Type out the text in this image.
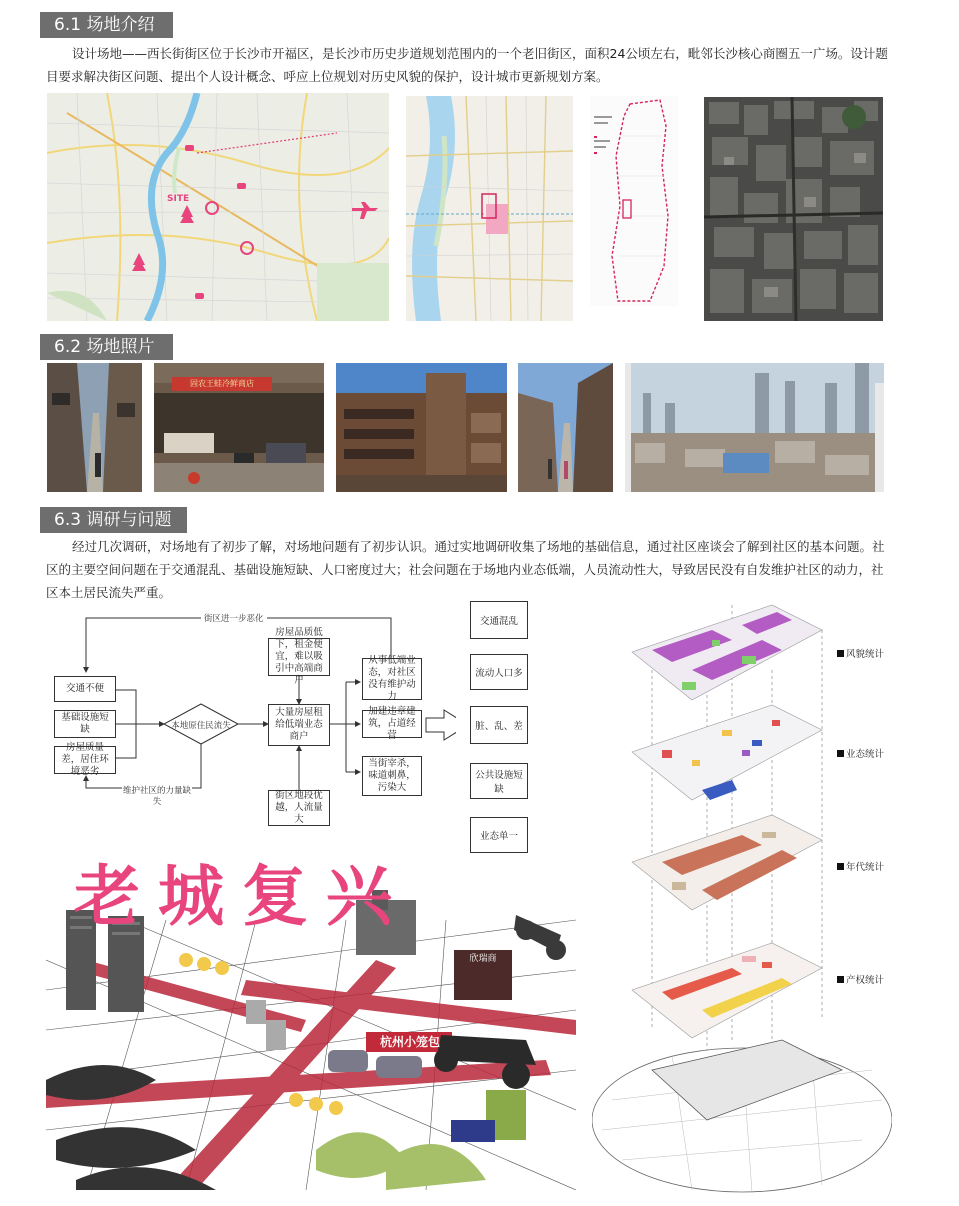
6.1 场地介绍
设计场地——西长街街区位于长沙市开福区，是长沙市历史步道规划范围内的一个老旧街区，面积24公顷左右，毗邻长沙核心商圈五一广场。设计题目要求解决街区问题、提出个人设计概念、呼应上位规划对历史风貌的保护，设计城市更新规划方案。
SITE
6.2 场地照片
固农王蛙冷鲜商店
6.3 调研与问题
经过几次调研，对场地有了初步了解，对场地问题有了初步认识。通过实地调研收集了场地的基础信息，通过社区座谈会了解到社区的基本问题。社区的主要空间问题在于交通混乱、基础设施短缺、人口密度过大；社会问题在于场地内业态低端，人员流动性大，导致居民没有自发维护社区的动力，社区本土居民流失严重。
街区进一步恶化
交通不便
基础设施短缺
房屋质量差，居住环境恶劣
本地原住民流失
维护社区的力量缺失
房屋品质低下，租金便宜，难以吸引中高端商户
大量房屋租给低端业态商户
街区地段优越，人流量大
从事低端业态，对社区没有维护动力
加建违章建筑，占道经营
当街宰杀，味道刺鼻，污染大
交通混乱
流动人口多
脏、乱、差
公共设施短缺
业态单一
风貌统计
业态统计
年代统计
产权统计
老城复兴
杭州小笼包
欣瑞商
